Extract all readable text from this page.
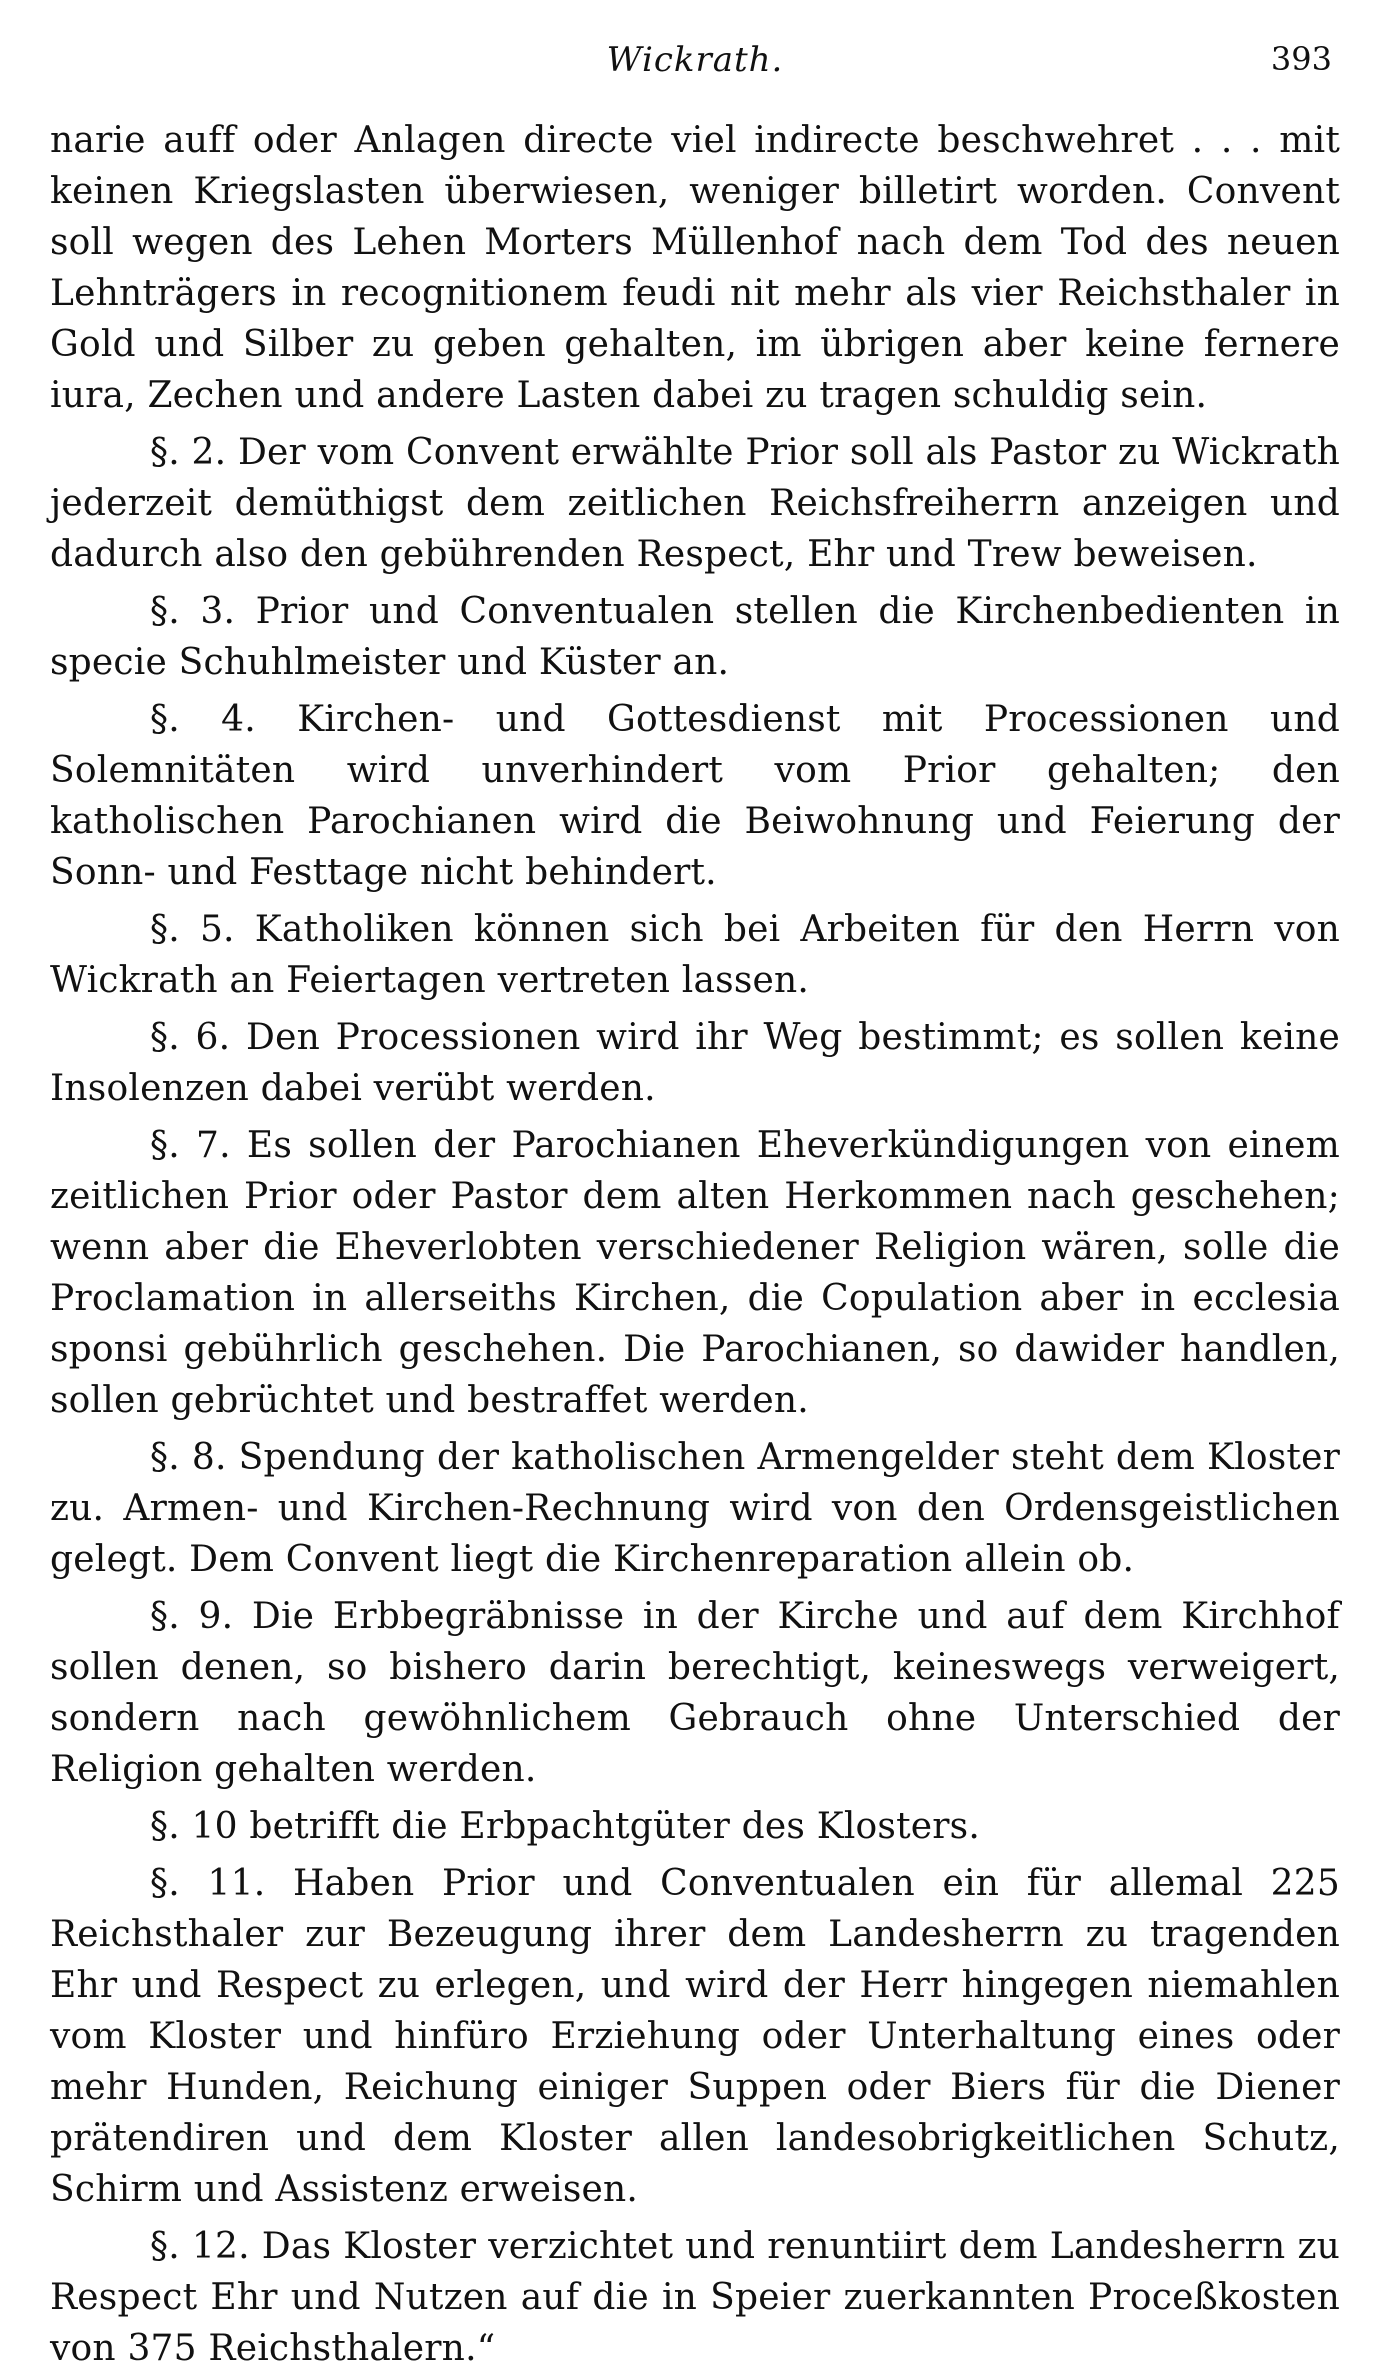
Wickrath.	393

narie auff oder Anlagen directe viel indirecte beschwehret . . . mit keinen Kriegslasten überwiesen, weniger billetirt worden. Convent soll wegen des Lehen Morters Müllenhof nach dem Tod des neuen Lehnträgers in recognitionem feudi nit mehr als vier Reichsthaler in Gold und Silber zu geben gehalten, im übrigen aber keine fernere iura, Zechen und andere Lasten dabei zu tragen schuldig sein.

§. 2. Der vom Convent erwählte Prior soll als Pastor zu Wickrath jederzeit demüthigst dem zeitlichen Reichsfreiherrn anzeigen und dadurch also den gebührenden Respect, Ehr und Trew beweisen.

§. 3. Prior und Conventualen stellen die Kirchenbedienten in specie Schuhlmeister und Küster an.

§. 4. Kirchen- und Gottesdienst mit Processionen und Solemnitäten wird unverhindert vom Prior gehalten; den katholischen Parochianen wird die Beiwohnung und Feierung der Sonn- und Festtage nicht behindert.

§. 5. Katholiken können sich bei Arbeiten für den Herrn von Wickrath an Feiertagen vertreten lassen.

§. 6. Den Processionen wird ihr Weg bestimmt; es sollen keine Insolenzen dabei verübt werden.

§. 7. Es sollen der Parochianen Eheverkündigungen von einem zeitlichen Prior oder Pastor dem alten Herkommen nach geschehen; wenn aber die Eheverlobten verschiedener Religion wären, solle die Proclamation in allerseiths Kirchen, die Copulation aber in ecclesia sponsi gebührlich geschehen. Die Parochianen, so dawider handlen, sollen gebrüchtet und bestraffet werden.

§. 8. Spendung der katholischen Armengelder steht dem Kloster zu. Armen- und Kirchen-Rechnung wird von den Ordensgeistlichen gelegt. Dem Convent liegt die Kirchenreparation allein ob.

§. 9. Die Erbbegräbnisse in der Kirche und auf dem Kirchhof sollen denen, so bishero darin berechtigt, keineswegs verweigert, sondern nach gewöhnlichem Gebrauch ohne Unterschied der Religion gehalten werden.

§. 10 betrifft die Erbpachtgüter des Klosters.

§. 11. Haben Prior und Conventualen ein für allemal 225 Reichsthaler zur Bezeugung ihrer dem Landesherrn zu tragenden Ehr und Respect zu erlegen, und wird der Herr hingegen niemahlen vom Kloster und hinfüro Erziehung oder Unterhaltung eines oder mehr Hunden, Reichung einiger Suppen oder Biers für die Diener prätendiren und dem Kloster allen landesobrigkeitlichen Schutz, Schirm und Assistenz erweisen.

§. 12. Das Kloster verzichtet und renuntiirt dem Landesherrn zu Respect Ehr und Nutzen auf die in Speier zuerkannten Proceßkosten von 375 Reichsthalern.“
